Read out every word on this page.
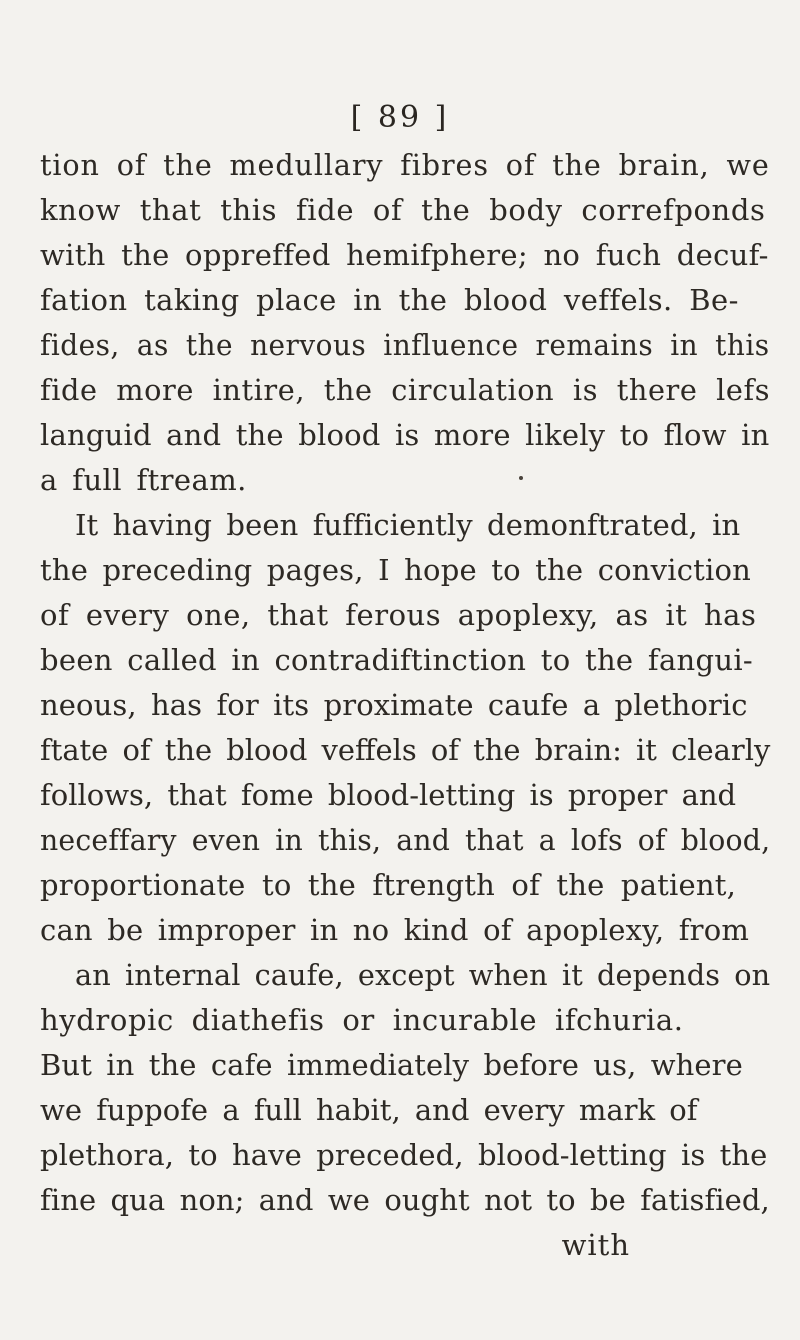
[ 89 ]
tion of the medullary fibres of the brain, we
know that this fide of the body correfponds
with the oppreffed hemifphere; no fuch decuf-
fation taking place in the blood veffels. Be-
fides, as the nervous influence remains in this
fide more intire, the circulation is there lefs
languid and the blood is more likely to flow in
a full ftream.
It having been fufficiently demonftrated, in
the preceding pages, I hope to the conviction
of every one, that ferous apoplexy, as it has
been called in contradiftinction to the fangui-
neous, has for its proximate caufe a plethoric
ftate of the blood veffels of the brain: it clearly
follows, that fome blood-letting is proper and
neceffary even in this, and that a lofs of blood,
proportionate to the ftrength of the patient,
can be improper in no kind of apoplexy, from
an internal caufe, except when it depends on
hydropic diathefis or incurable ifchuria.
But in the cafe immediately before us, where
we fuppofe a full habit, and every mark of
plethora, to have preceded, blood-letting is the
fine qua non; and we ought not to be fatisfied,
with
